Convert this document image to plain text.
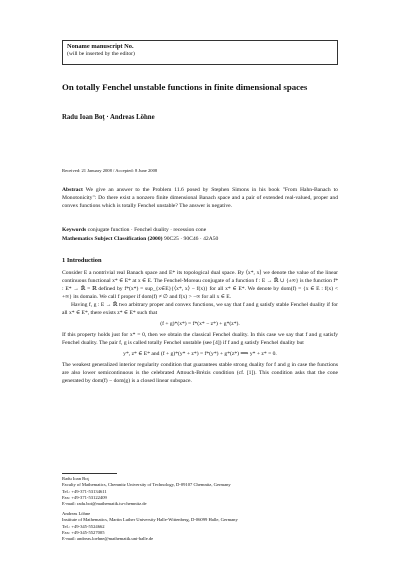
Noname manuscript No.
(will be inserted by the editor)
On totally Fenchel unstable functions in finite dimensional spaces
Radu Ioan Boţ · Andreas Löhne
Received: 21 January 2008 / Accepted: 8 June 2008
Abstract We give an answer to the Problem 11.6 posed by Stephen Simons in his book "From Hahn-Banach to Monotonicity": Do there exist a nonzero finite dimensional Banach space and a pair of extended real-valued, proper and convex functions which is totally Fenchel unstable? The answer is negative.
Keywords conjugate function · Fenchel duality · recession cone
Mathematics Subject Classification (2000) 90C25 · 90C46 · 42A50
1 Introduction

Consider E a nontrivial real Banach space and E* its topological dual space. By ⟨x*, x⟩ we denote the value of the linear continuous functional x* ∈ E* at x ∈ E. The Fenchel-Moreau conjugate of a function f : E → ℝ̄ ∪ {±∞} is the function f* : E* → ℝ̄ = ℝ defined by f*(x*) = sup_{x∈E}{⟨x*, x⟩ − f(x)} for all x* ∈ E*. We denote by dom(f) = {x ∈ E : f(x) < +∞} its domain. We call f proper if dom(f) ≠ ∅ and f(x) > −∞ for all x ∈ E.

Having f, g : E → ℝ̄ two arbitrary proper and convex functions, we say that f and g satisfy stable Fenchel duality if for all x* ∈ E*, there exists z* ∈ E* such that

(f + g)*(x*) = f*(x* − z*) + g*(z*).

If this property holds just for x* = 0, then we obtain the classical Fenchel duality. In this case we say that f and g satisfy Fenchel duality. The pair f, g is called totally Fenchel unstable (see [4]) if f and g satisfy Fenchel duality but

y*, z* ∈ E* and (f + g)*(y* + z*) = f*(y*) + g*(z*) ⟹ y* + z* = 0.

The weakest generalized interior regularity condition that guarantees stable strong duality for f and g in case the functions are also lower semicontinuous is the celebrated Attouch-Brézis condition (cf. [1]). This condition asks that the cone generated by dom(f) − dom(g) is a closed linear subspace.

Radu Ioan Boţ
Faculty of Mathematics, Chemnitz University of Technology, D-09107 Chemnitz, Germany
Tel.: +49-371-53134611
Fax: +49-371-53122409
E-mail: radu.bot@mathematik.tu-chemnitz.de
Andreas Löhne
Institute of Mathematics, Martin Luther University Halle-Wittenberg, D-06099 Halle, Germany
Tel.: +49-345-5524662
Fax: +49-345-5527005
E-mail: andreas.loehne@mathematik.uni-halle.de
